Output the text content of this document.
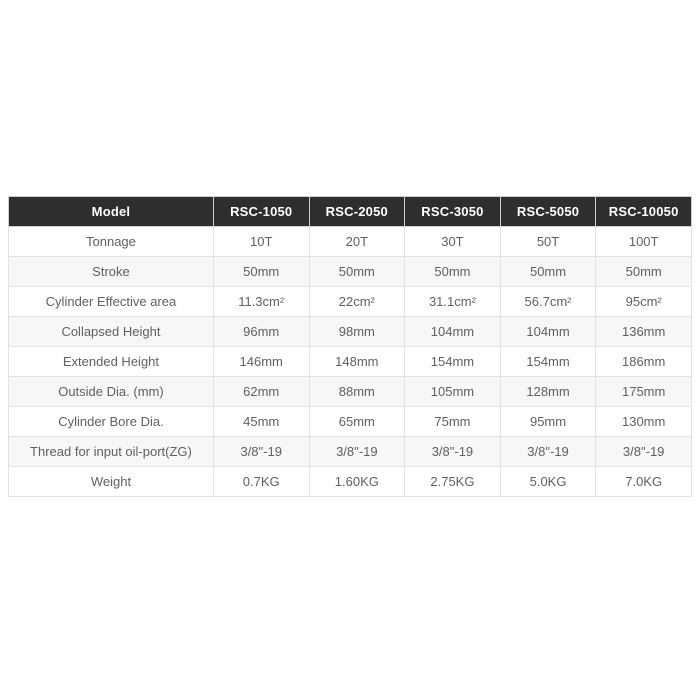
Model	RSC-1050	RSC-2050	RSC-3050	RSC-5050	RSC-10050
Tonnage	10T	20T	30T	50T	100T
Stroke	50mm	50mm	50mm	50mm	50mm
Cylinder Effective area	11.3cm²	22cm²	31.1cm²	56.7cm²	95cm²
Collapsed Height	96mm	98mm	104mm	104mm	136mm
Extended Height	146mm	148mm	154mm	154mm	186mm
Outside Dia. (mm)	62mm	88mm	105mm	128mm	175mm
Cylinder Bore Dia.	45mm	65mm	75mm	95mm	130mm
Thread for input oil-port(ZG)	3/8"-19	3/8"-19	3/8"-19	3/8"-19	3/8"-19
Weight	0.7KG	1.60KG	2.75KG	5.0KG	7.0KG
